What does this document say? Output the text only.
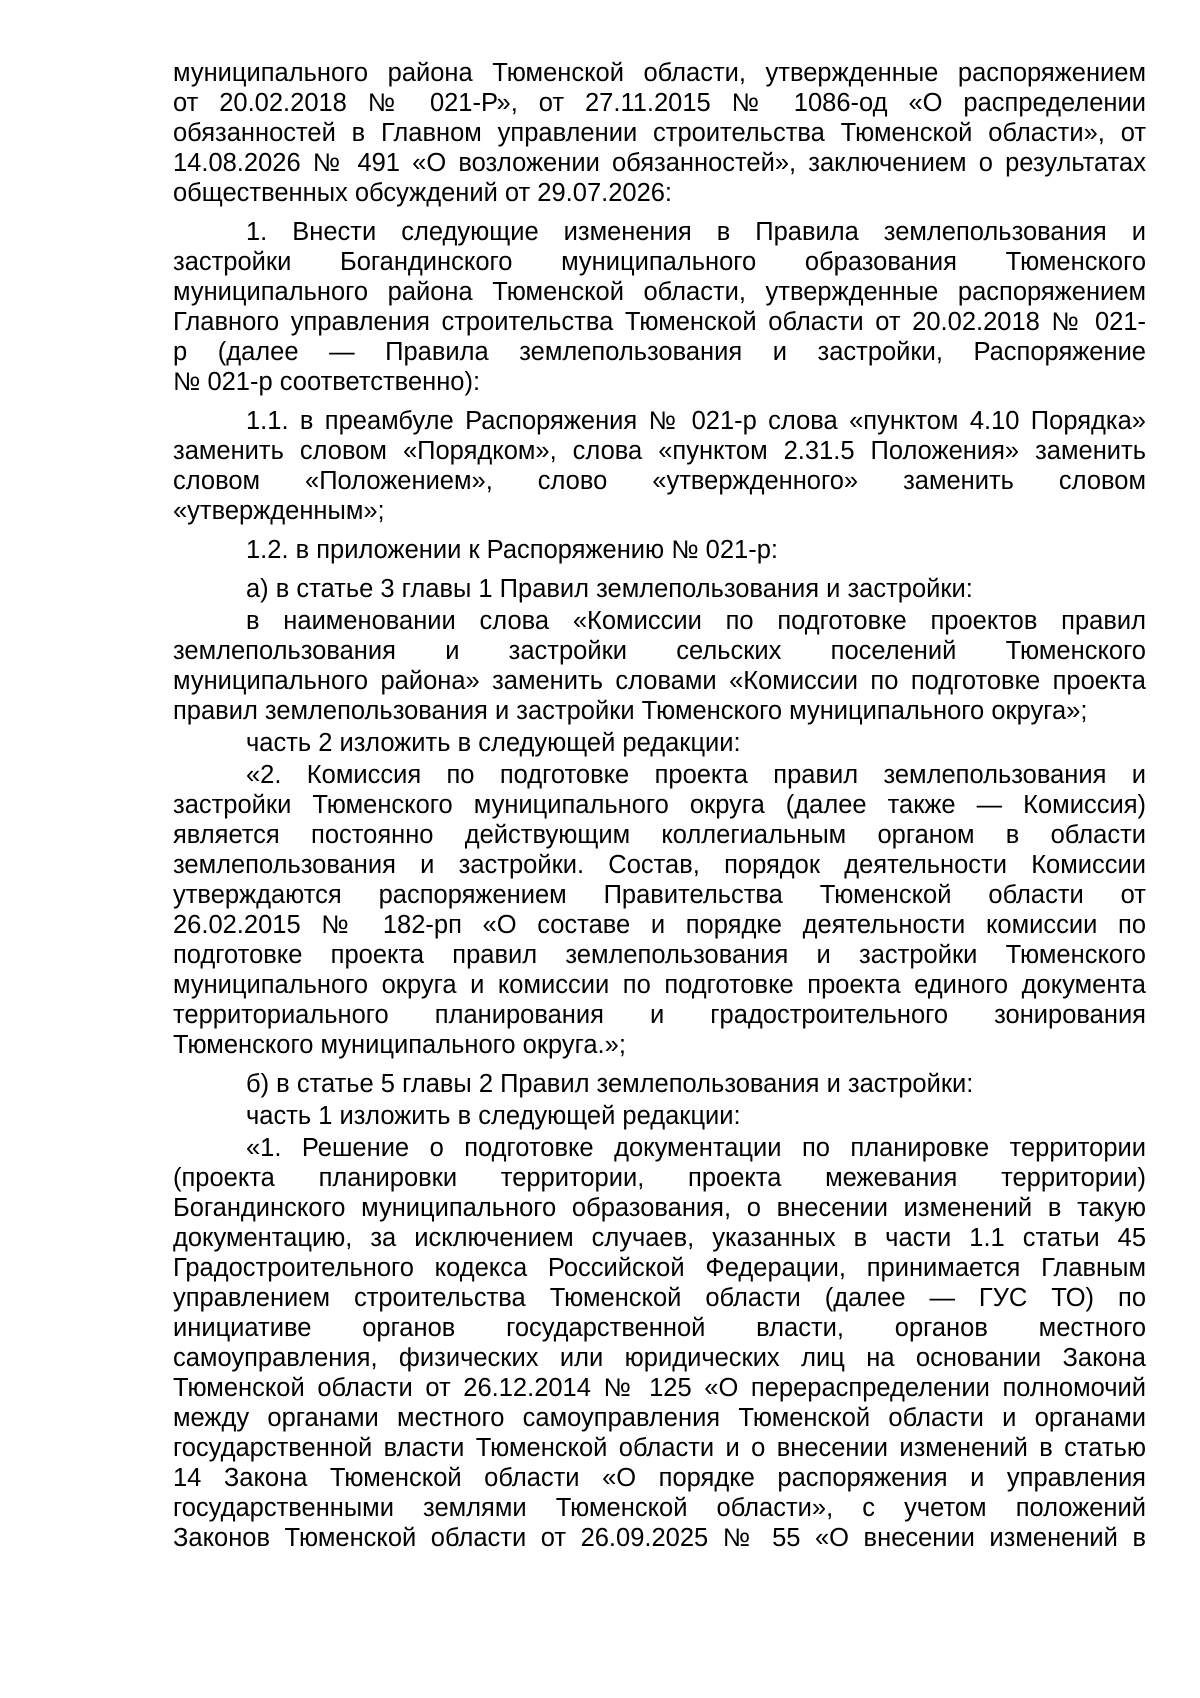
муниципального района Тюменской области, утвержденные распоряжением
от 20.02.2018 № 021-Р», от 27.11.2015 № 1086-од «О распределении
обязанностей в Главном управлении строительства Тюменской области», от
14.08.2026 № 491 «О возложении обязанностей», заключением о результатах
общественных обсуждений от 29.07.2026:
1. Внести следующие изменения в Правила землепользования и
застройки Богандинского муниципального образования Тюменского
муниципального района Тюменской области, утвержденные распоряжением
Главного управления строительства Тюменской области от 20.02.2018 № 021-
р (далее — Правила землепользования и застройки, Распоряжение
№ 021-р соответственно):
1.1. в преамбуле Распоряжения № 021-р слова «пунктом 4.10 Порядка»
заменить словом «Порядком», слова «пунктом 2.31.5 Положения» заменить
словом «Положением», слово «утвержденного» заменить словом
«утвержденным»;
1.2. в приложении к Распоряжению № 021-р:
а) в статье 3 главы 1 Правил землепользования и застройки:
в наименовании слова «Комиссии по подготовке проектов правил
землепользования и застройки сельских поселений Тюменского
муниципального района» заменить словами «Комиссии по подготовке проекта
правил землепользования и застройки Тюменского муниципального округа»;
часть 2 изложить в следующей редакции:
«2. Комиссия по подготовке проекта правил землепользования и
застройки Тюменского муниципального округа (далее также — Комиссия)
является постоянно действующим коллегиальным органом в области
землепользования и застройки. Состав, порядок деятельности Комиссии
утверждаются распоряжением Правительства Тюменской области от
26.02.2015 № 182-рп «О составе и порядке деятельности комиссии по
подготовке проекта правил землепользования и застройки Тюменского
муниципального округа и комиссии по подготовке проекта единого документа
территориального планирования и градостроительного зонирования
Тюменского муниципального округа.»;
б) в статье 5 главы 2 Правил землепользования и застройки:
часть 1 изложить в следующей редакции:
«1. Решение о подготовке документации по планировке территории
(проекта планировки территории, проекта межевания территории)
Богандинского муниципального образования, о внесении изменений в такую
документацию, за исключением случаев, указанных в части 1.1 статьи 45
Градостроительного кодекса Российской Федерации, принимается Главным
управлением строительства Тюменской области (далее — ГУС ТО) по
инициативе органов государственной власти, органов местного
самоуправления, физических или юридических лиц на основании Закона
Тюменской области от 26.12.2014 № 125 «О перераспределении полномочий
между органами местного самоуправления Тюменской области и органами
государственной власти Тюменской области и о внесении изменений в статью
14 Закона Тюменской области «О порядке распоряжения и управления
государственными землями Тюменской области», с учетом положений
Законов Тюменской области от 26.09.2025 № 55 «О внесении изменений в
